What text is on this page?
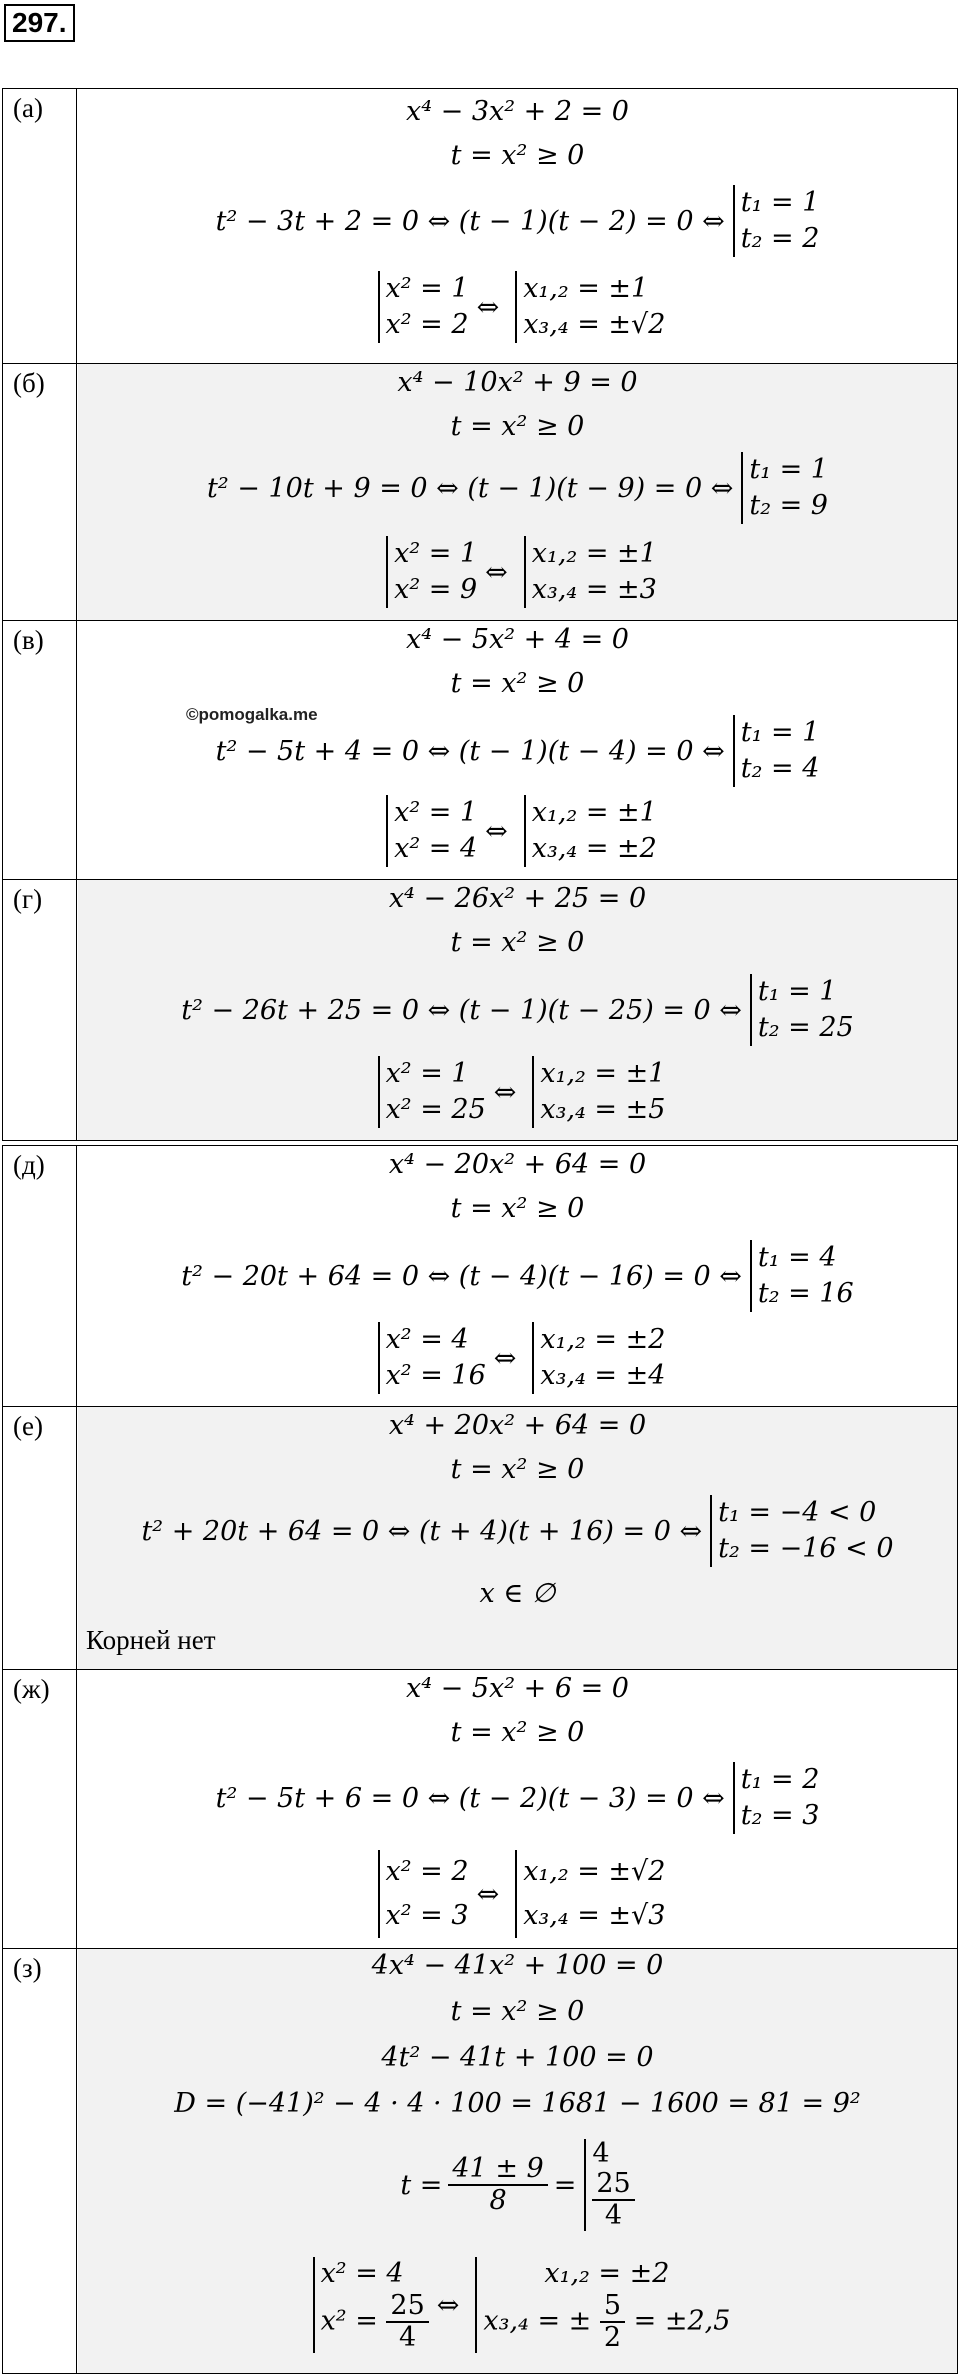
297.
©pomogalka.me
(а)	x⁴ − 3x² + 2 = 0
t = x² ≥ 0
t² − 3t + 2 = 0 ⇔ (t − 1)(t − 2) = 0 ⇔
t₁ = 1
t₂ = 2
x² = 1
x² = 2
⇔
x₁,₂ = ±1
x₃,₄ = ±√2
(б)	x⁴ − 10x² + 9 = 0
t = x² ≥ 0
t² − 10t + 9 = 0 ⇔ (t − 1)(t − 9) = 0 ⇔
t₁ = 1
t₂ = 9
x² = 1
x² = 9
⇔
x₁,₂ = ±1
x₃,₄ = ±3
(в)	x⁴ − 5x² + 4 = 0
t = x² ≥ 0
t² − 5t + 4 = 0 ⇔ (t − 1)(t − 4) = 0 ⇔
t₁ = 1
t₂ = 4
x² = 1
x² = 4
⇔
x₁,₂ = ±1
x₃,₄ = ±2
(г)	x⁴ − 26x² + 25 = 0
t = x² ≥ 0
t² − 26t + 25 = 0 ⇔ (t − 1)(t − 25) = 0 ⇔
t₁ = 1
t₂ = 25
x² = 1
x² = 25
⇔
x₁,₂ = ±1
x₃,₄ = ±5
(д)	x⁴ − 20x² + 64 = 0
t = x² ≥ 0
t² − 20t + 64 = 0 ⇔ (t − 4)(t − 16) = 0 ⇔
t₁ = 4
t₂ = 16
x² = 4
x² = 16
⇔
x₁,₂ = ±2
x₃,₄ = ±4
(е)	x⁴ + 20x² + 64 = 0
t = x² ≥ 0
t² + 20t + 64 = 0 ⇔ (t + 4)(t + 16) = 0 ⇔
t₁ = −4 < 0
t₂ = −16 < 0
x ∈ ∅
Корней нет
(ж)	x⁴ − 5x² + 6 = 0
t = x² ≥ 0
t² − 5t + 6 = 0 ⇔ (t − 2)(t − 3) = 0 ⇔
t₁ = 2
t₂ = 3
x² = 2
x² = 3
⇔
x₁,₂ = ±√2
x₃,₄ = ±√3
(з)	4x⁴ − 41x² + 100 = 0
t = x² ≥ 0
4t² − 41t + 100 = 0
D = (−41)² − 4 · 4 · 100 = 1681 − 1600 = 81 = 9²
$t = \frac{41 \pm 9}{8}$ =
4
$\frac{25}{4}$
x² = 4
$x^2 = \frac{25}{4}$ ⇔
x₁,₂ = ±2
x₃,₄ = ± $\frac{5}{2} = \pm 2,5$
